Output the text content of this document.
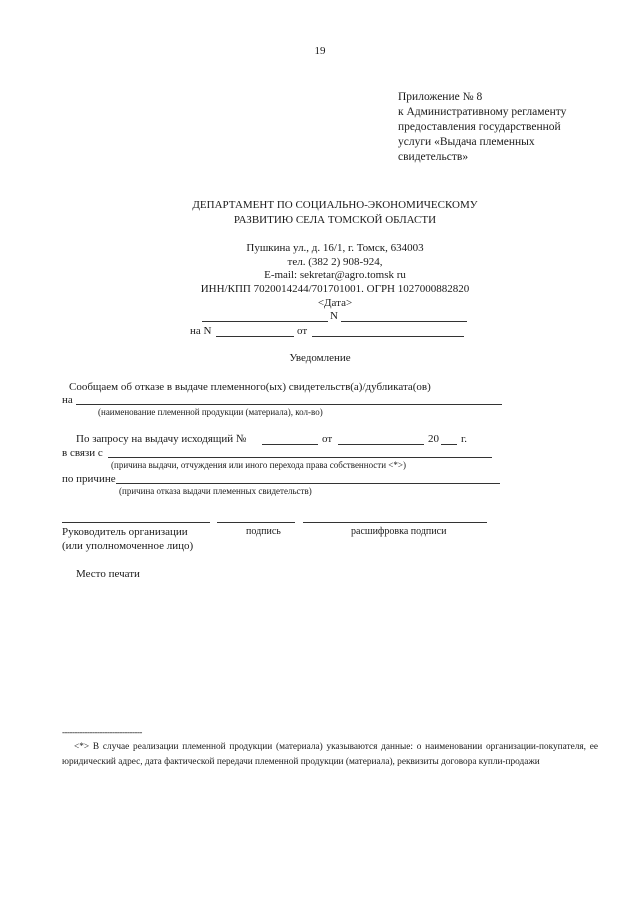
19
Приложение № 8
к Административному регламенту
предоставления государственной
услуги «Выдача племенных
свидетельств»
ДЕПАРТАМЕНТ ПО СОЦИАЛЬНО-ЭКОНОМИЧЕСКОМУ
РАЗВИТИЮ СЕЛА ТОМСКОЙ ОБЛАСТИ
Пушкина ул., д. 16/1, г. Томск, 634003
тел. (382 2) 908-924,
E-mail: sekretar@agro.tomsk ru
ИНН/КПП 7020014244/701701001. ОГРН 1027000882820
<Дата>
N
на N	от
Уведомление
Сообщаем об отказе в выдаче племенного(ых) свидетельств(а)/дубликата(ов)
на
(наименование племенной продукции (материала), кол-во)
По запросу на выдачу исходящий №	от	20 г.
в связи с
(причина выдачи, отчуждения или иного перехода права собственности <*>)
по причине
(причина отказа выдачи племенных свидетельств)
Руководитель организации	подпись	расшифровка подписи
(или уполномоченное лицо)
Место печати
--------------------------------
<*> В случае реализации племенной продукции (материала) указываются данные: о наименовании организации-покупателя, ее юридический адрес, дата фактической передачи племенной продукции (материала), реквизиты договора купли-продажи
